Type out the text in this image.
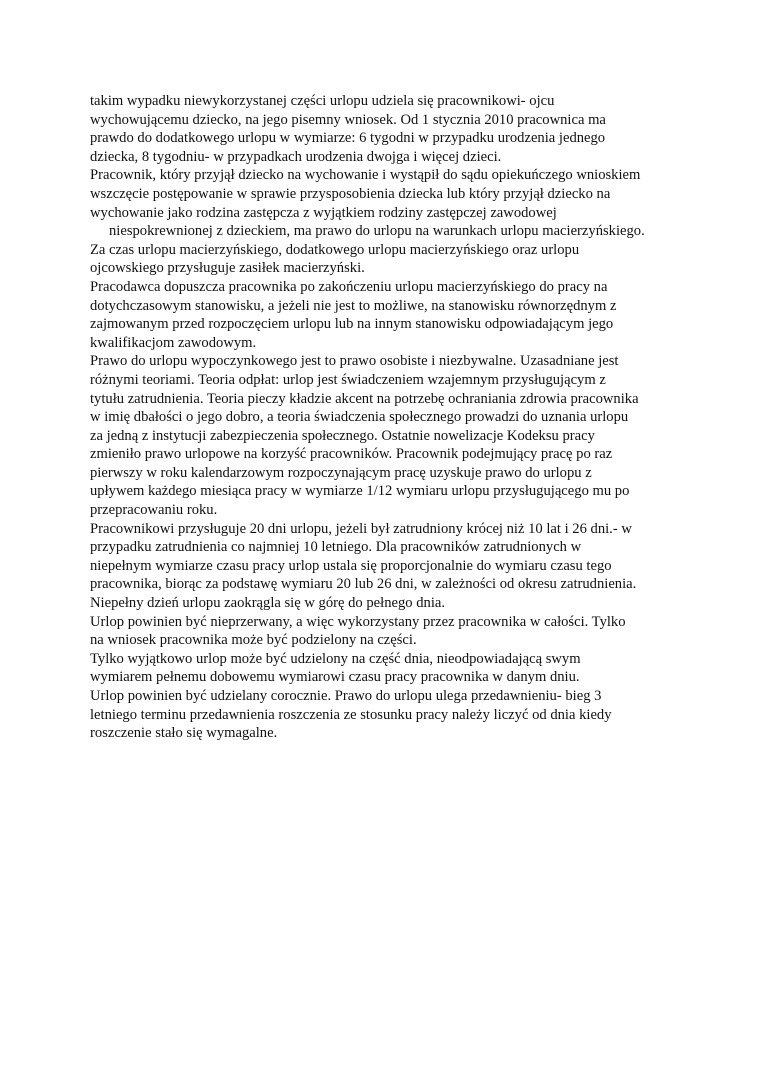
takim wypadku niewykorzystanej części urlopu udziela się pracownikowi- ojcu
wychowującemu dziecko, na jego pisemny wniosek. Od 1 stycznia 2010 pracownica ma
prawdo do dodatkowego urlopu w wymiarze: 6 tygodni w przypadku urodzenia jednego
dziecka, 8 tygodniu- w przypadkach urodzenia dwojga i więcej dzieci.
Pracownik, który przyjął dziecko na wychowanie i wystąpił do sądu opiekuńczego wnioskiem
wszczęcie postępowanie w sprawie przysposobienia dziecka lub który przyjął dziecko na
wychowanie jako rodzina zastępcza z wyjątkiem rodziny zastępczej zawodowej
niespokrewnionej z dzieckiem, ma prawo do urlopu na warunkach urlopu macierzyńskiego.
Za czas urlopu macierzyńskiego, dodatkowego urlopu macierzyńskiego oraz urlopu
ojcowskiego przysługuje zasiłek macierzyński.
Pracodawca dopuszcza pracownika po zakończeniu urlopu macierzyńskiego do pracy na
dotychczasowym stanowisku, a jeżeli nie jest to możliwe, na stanowisku równorzędnym z
zajmowanym przed rozpoczęciem urlopu lub na innym stanowisku odpowiadającym jego
kwalifikacjom zawodowym.
Prawo do urlopu wypoczynkowego jest to prawo osobiste i niezbywalne. Uzasadniane jest
różnymi teoriami. Teoria odpłat: urlop jest świadczeniem wzajemnym przysługującym z
tytułu zatrudnienia. Teoria pieczy kładzie akcent na potrzebę ochraniania zdrowia pracownika
w imię dbałości o jego dobro, a teoria świadczenia społecznego prowadzi do uznania urlopu
za jedną z instytucji zabezpieczenia społecznego. Ostatnie nowelizacje Kodeksu pracy
zmieniło prawo urlopowe na korzyść pracowników. Pracownik podejmujący pracę po raz
pierwszy w roku kalendarzowym rozpoczynającym pracę uzyskuje prawo do urlopu z
upływem każdego miesiąca pracy w wymiarze 1/12 wymiaru urlopu przysługującego mu po
przepracowaniu roku.
Pracownikowi przysługuje 20 dni urlopu, jeżeli był zatrudniony krócej niż 10 lat i 26 dni.- w
przypadku zatrudnienia co najmniej 10 letniego. Dla pracowników zatrudnionych w
niepełnym wymiarze czasu pracy urlop ustala się proporcjonalnie do wymiaru czasu tego
pracownika, biorąc za podstawę wymiaru 20 lub 26 dni, w zależności od okresu zatrudnienia.
Niepełny dzień urlopu zaokrągla się w górę do pełnego dnia.
Urlop powinien być nieprzerwany, a więc wykorzystany przez pracownika w całości. Tylko
na wniosek pracownika może być podzielony na części.
Tylko wyjątkowo urlop może być udzielony na część dnia, nieodpowiadającą swym
wymiarem pełnemu dobowemu wymiarowi czasu pracy pracownika w danym dniu.
Urlop powinien być udzielany corocznie. Prawo do urlopu ulega przedawnieniu- bieg 3
letniego terminu przedawnienia roszczenia ze stosunku pracy należy liczyć od dnia kiedy
roszczenie stało się wymagalne.
